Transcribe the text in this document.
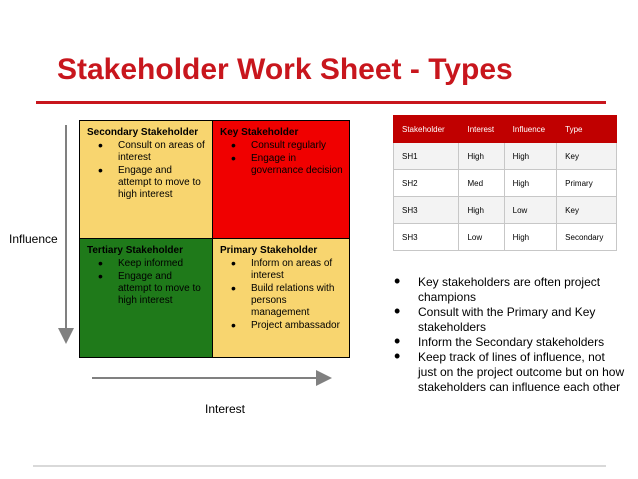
Stakeholder Work Sheet - Types
Influence
Interest
Secondary Stakeholder
• Consult on areas of interest
• Engage and attempt to move to high interest
Key Stakeholder
• Consult regularly
• Engage in governance decision
Tertiary Stakeholder
• Keep informed
• Engage and attempt to move to high interest
Primary Stakeholder
• Inform on areas of interest
• Build relations with persons management
• Project ambassador
Stakeholder	Interest	Influence	Type
SH1	High	High	Key
SH2	Med	High	Primary
SH3	High	Low	Key
SH3	Low	High	Secondary
• Key stakeholders are often project champions
• Consult with the Primary and Key stakeholders
• Inform the Secondary stakeholders
• Keep track of lines of influence, not just on the project outcome but on how stakeholders can influence each other
